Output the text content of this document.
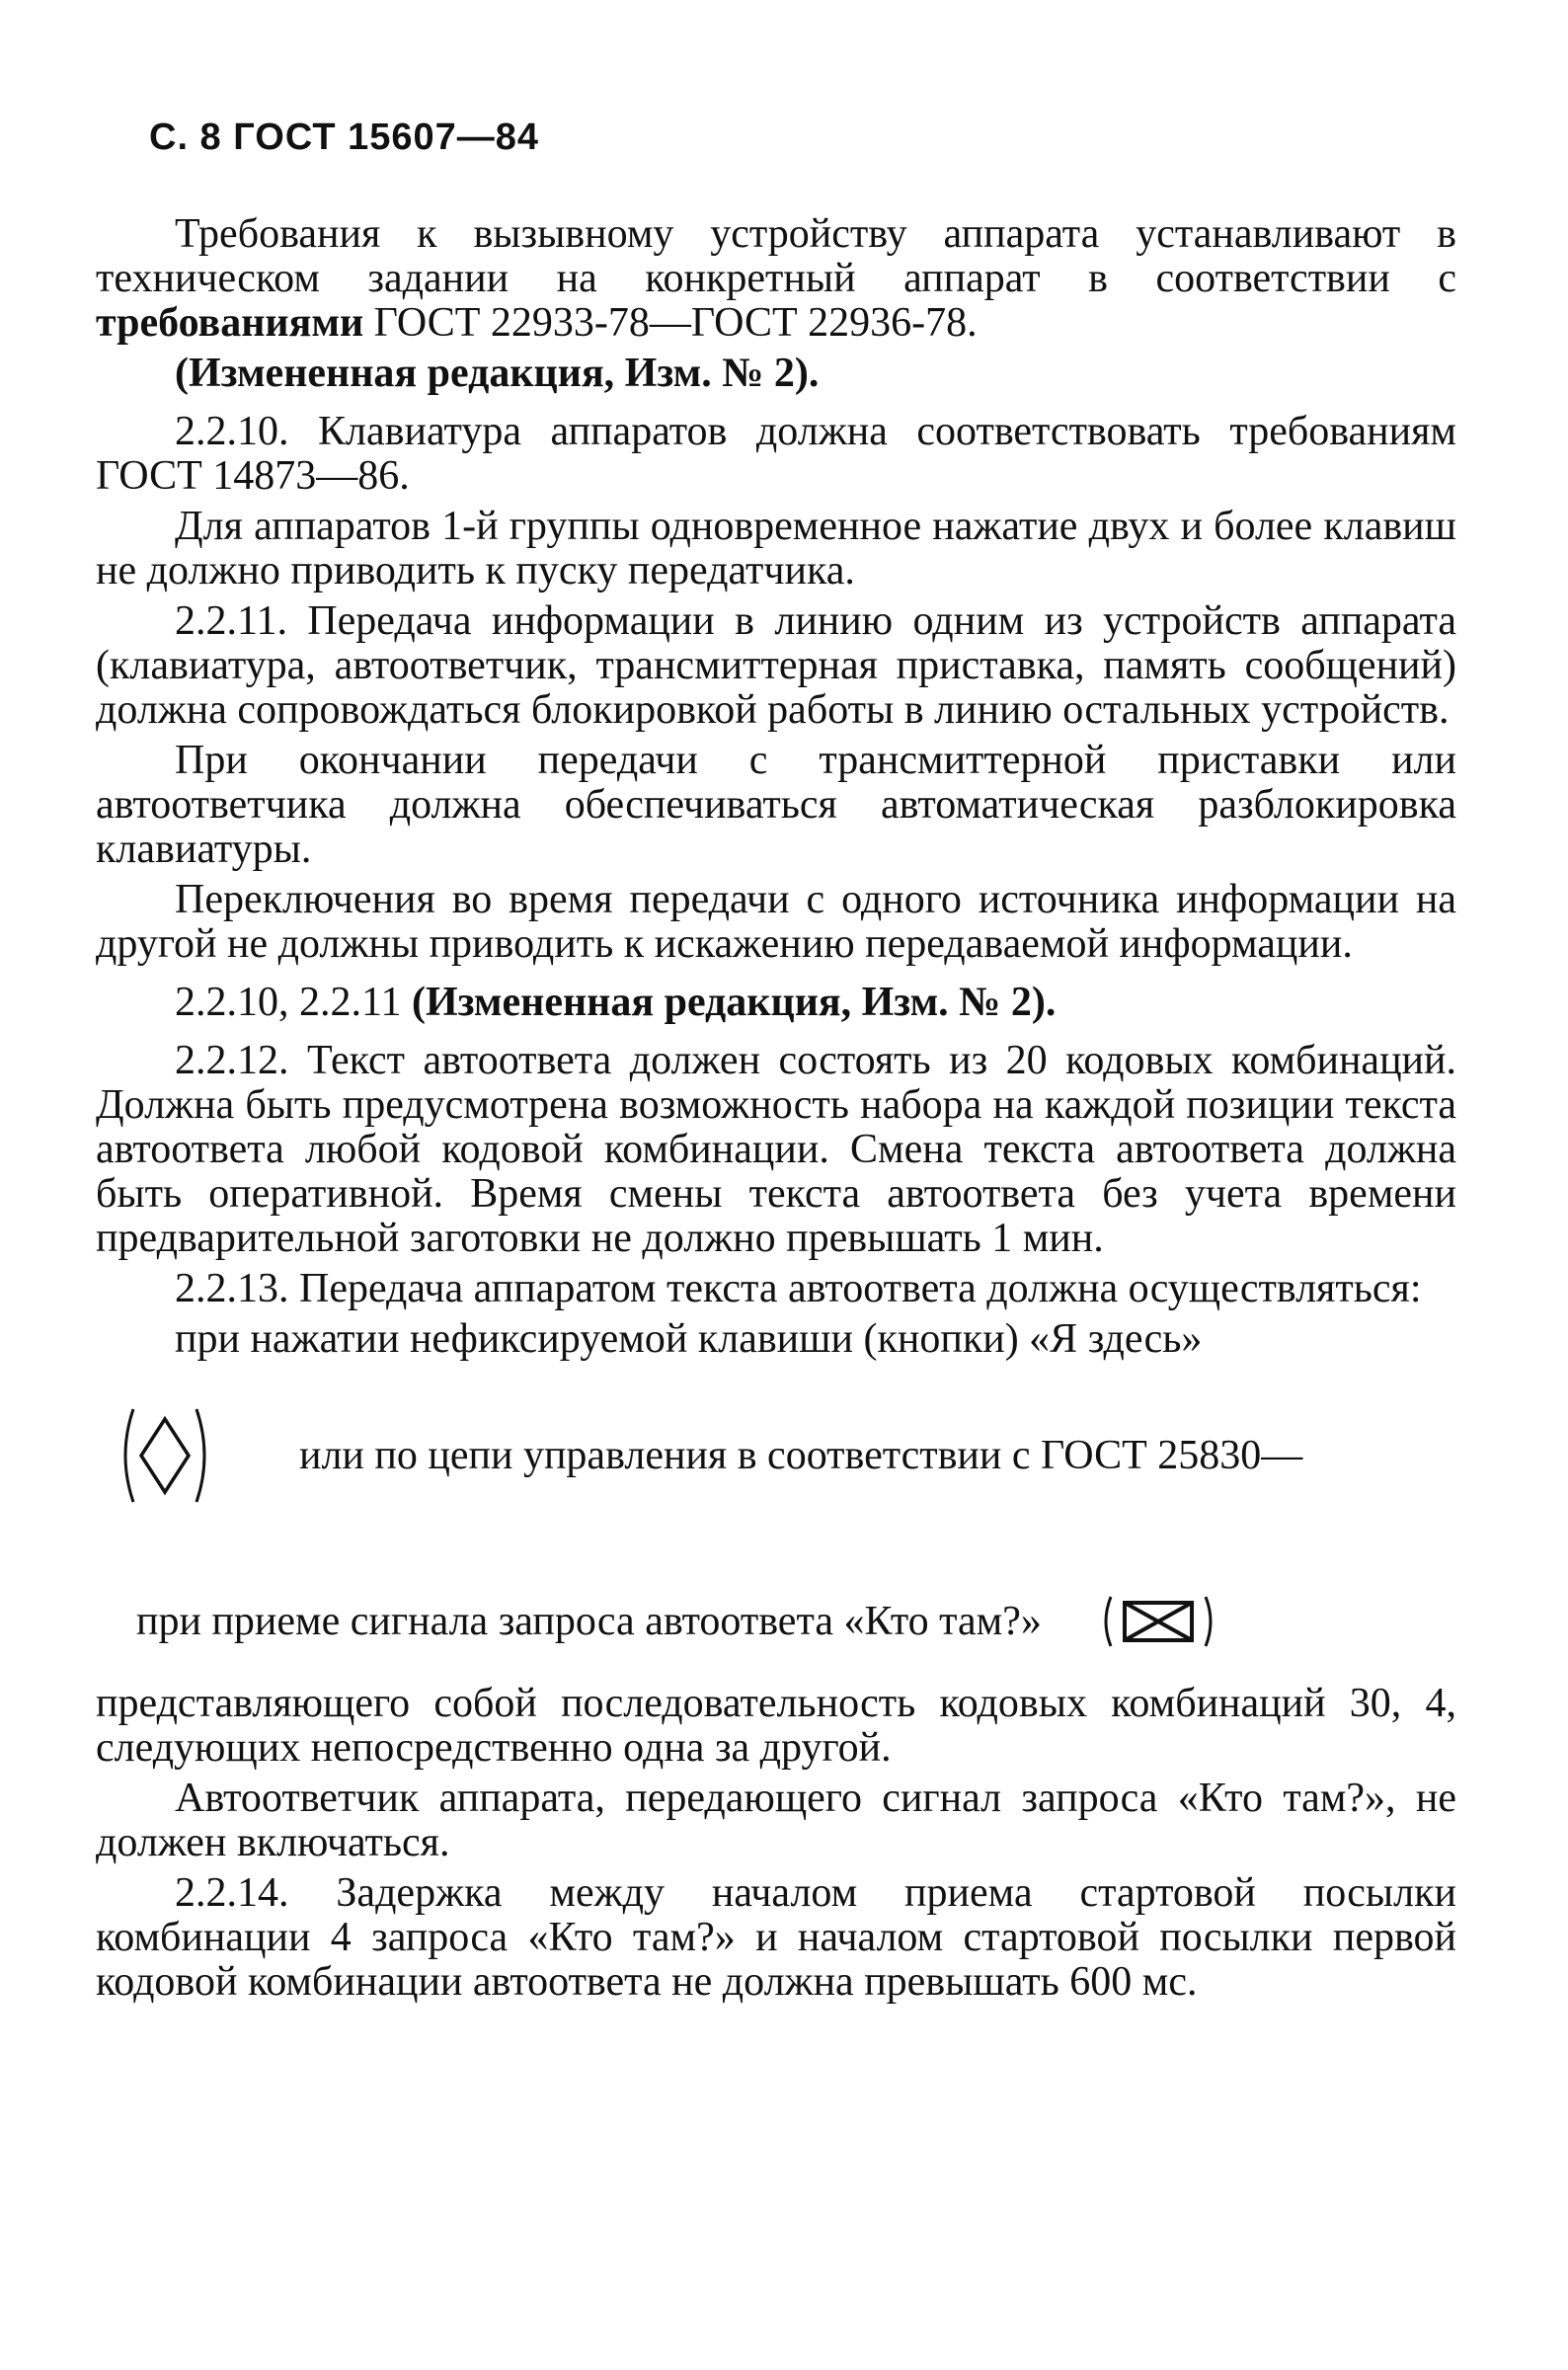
С. 8 ГОСТ 15607—84

Требования к вызывному устройству аппарата устанавливают в техническом задании на конкретный аппарат в соответствии с требованиями ГОСТ 22933-78—ГОСТ 22936-78.

(Измененная редакция, Изм. № 2).

2.2.10. Клавиатура аппаратов должна соответствовать требованиям ГОСТ 14873—86.

Для аппаратов 1-й группы одновременное нажатие двух и более клавиш не должно приводить к пуску передатчика.

2.2.11. Передача информации в линию одним из устройств аппарата (клавиатура, автоответчик, трансмиттерная приставка, память сообщений) должна сопровождаться блокировкой работы в линию остальных устройств.

При окончании передачи с трансмиттерной приставки или автоответчика должна обеспечиваться автоматическая разблокировка клавиатуры.

Переключения во время передачи с одного источника информации на другой не должны приводить к искажению передаваемой информации.

2.2.10, 2.2.11 (Измененная редакция, Изм. № 2).

2.2.12. Текст автоответа должен состоять из 20 кодовых комбинаций. Должна быть предусмотрена возможность набора на каждой позиции текста автоответа любой кодовой комбинации. Смена текста автоответа должна быть оперативной. Время смены текста автоответа без учета времени предварительной заготовки не должно превышать 1 мин.

2.2.13. Передача аппаратом текста автоответа должна осуществляться:

при нажатии нефиксируемой клавиши (кнопки) «Я здесь»

или по цепи управления в соответствии с ГОСТ 25830—
при приеме сигнала запроса автоответа «Кто там?»

представляющего собой последовательность кодовых комбинаций 30, 4, следующих непосредственно одна за другой.

Автоответчик аппарата, передающего сигнал запроса «Кто там?», не должен включаться.

2.2.14. Задержка между началом приема стартовой посылки комбинации 4 запроса «Кто там?» и началом стартовой посылки первой кодовой комбинации автоответа не должна превышать 600 мс.
